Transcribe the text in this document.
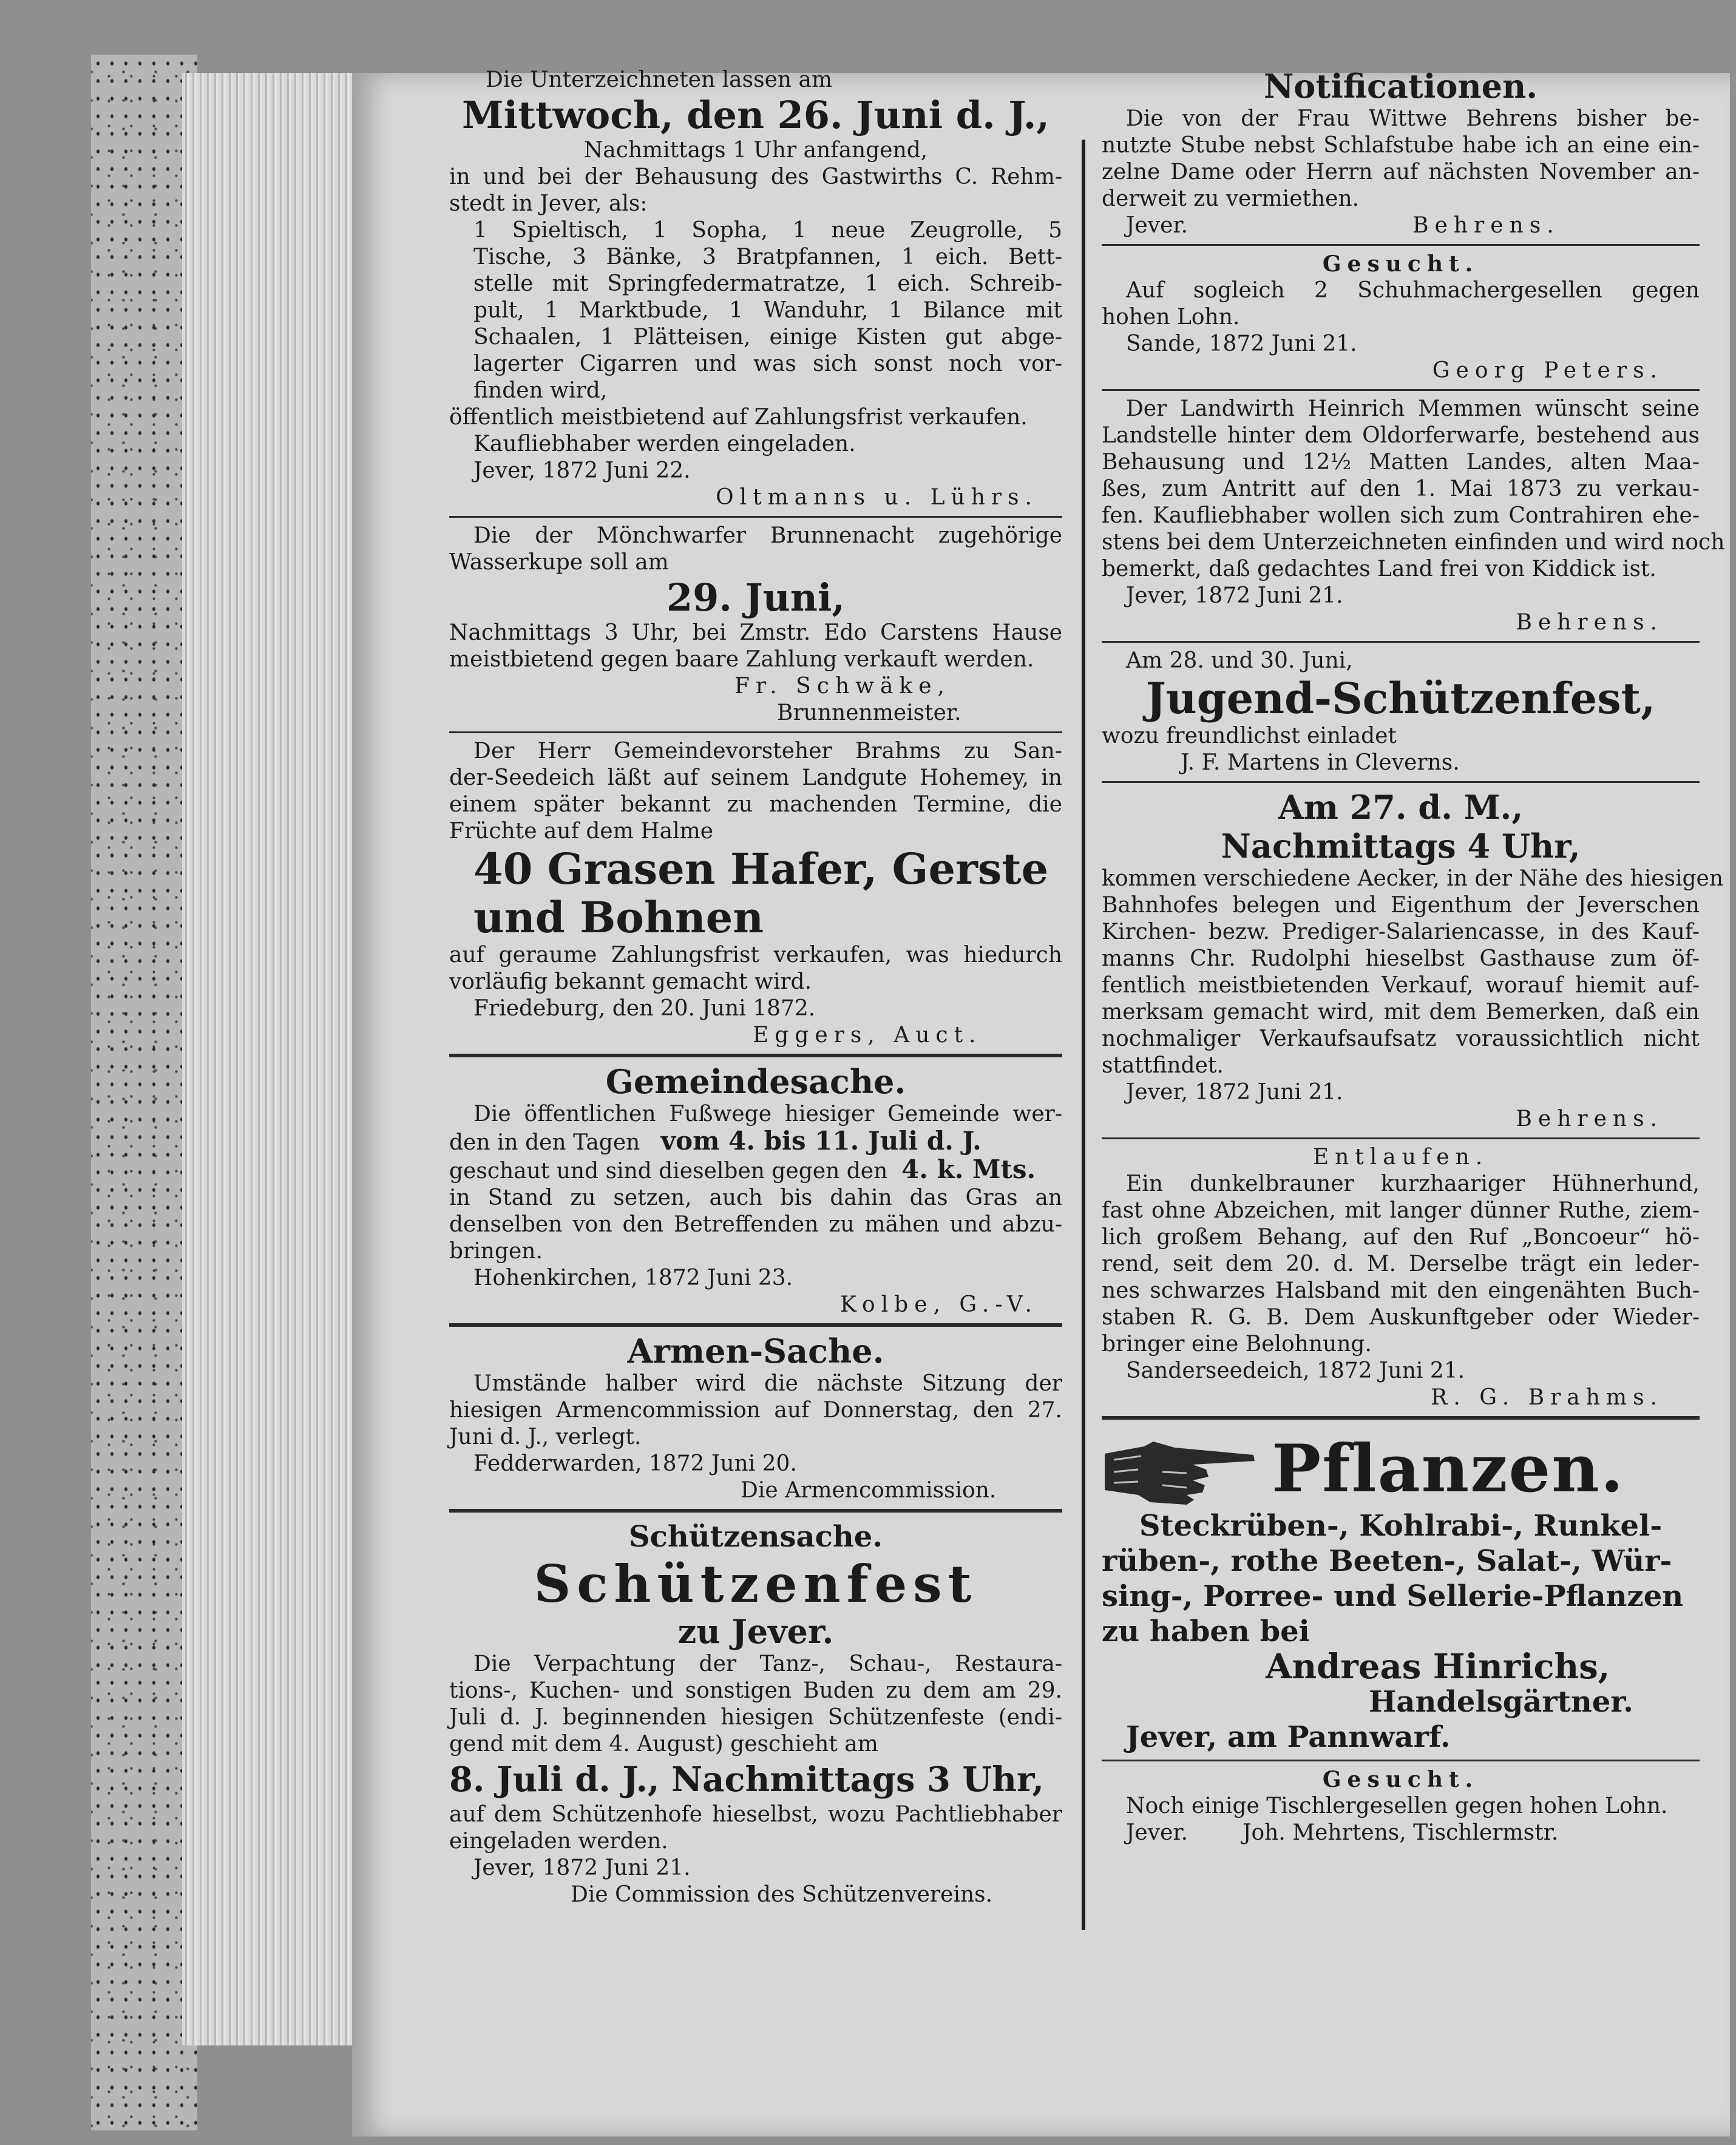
Die Unterzeichneten lassen am
Mittwoch, den 26. Juni d. J.,
Nachmittags 1 Uhr anfangend,
in und bei der Behausung des Gastwirths C. Rehm-
stedt in Jever, als:
1 Spieltisch, 1 Sopha, 1 neue Zeugrolle, 5
Tische, 3 Bänke, 3 Bratpfannen, 1 eich. Bett-
stelle mit Springfedermatratze, 1 eich. Schreib-
pult, 1 Marktbude, 1 Wanduhr, 1 Bilance mit
Schaalen, 1 Plätteisen, einige Kisten gut abge-
lagerter Cigarren und was sich sonst noch vor-
finden wird,
öffentlich meistbietend auf Zahlungsfrist verkaufen.
Kaufliebhaber werden eingeladen.
Jever, 1872 Juni 22.
Oltmanns u. Lührs.
Die der Mönchwarfer Brunnenacht zugehörige
Wasserkupe soll am
29. Juni,
Nachmittags 3 Uhr, bei Zmstr. Edo Carstens Hause
meistbietend gegen baare Zahlung verkauft werden.
Fr. Schwäke,
Brunnenmeister.
Der Herr Gemeindevorsteher Brahms zu San-
der-Seedeich läßt auf seinem Landgute Hohemey, in
einem später bekannt zu machenden Termine, die
Früchte auf dem Halme
40 Grasen Hafer, Gerste
und Bohnen
auf geraume Zahlungsfrist verkaufen, was hiedurch
vorläufig bekannt gemacht wird.
Friedeburg, den 20. Juni 1872.
Eggers, Auct.
Gemeindesache.
Die öffentlichen Fußwege hiesiger Gemeinde wer-
den in den Tagen vom 4. bis 11. Juli d. J.
geschaut und sind dieselben gegen den 4. k. Mts.
in Stand zu setzen, auch bis dahin das Gras an
denselben von den Betreffenden zu mähen und abzu-
bringen.
Hohenkirchen, 1872 Juni 23.
Kolbe, G.-V.
Armen-Sache.
Umstände halber wird die nächste Sitzung der
hiesigen Armencommission auf Donnerstag, den 27.
Juni d. J., verlegt.
Fedderwarden, 1872 Juni 20.
Die Armencommission.
Schützensache.
Schützenfest
zu Jever.
Die Verpachtung der Tanz-, Schau-, Restaura-
tions-, Kuchen- und sonstigen Buden zu dem am 29.
Juli d. J. beginnenden hiesigen Schützenfeste (endi-
gend mit dem 4. August) geschieht am
8. Juli d. J., Nachmittags 3 Uhr,
auf dem Schützenhofe hieselbst, wozu Pachtliebhaber
eingeladen werden.
Jever, 1872 Juni 21.
Die Commission des Schützenvereins.
Notificationen.
Die von der Frau Wittwe Behrens bisher be-
nutzte Stube nebst Schlafstube habe ich an eine ein-
zelne Dame oder Herrn auf nächsten November an-
derweit zu vermiethen.
Jever.	Behrens.
Gesucht.
Auf sogleich 2 Schuhmachergesellen gegen
hohen Lohn.
Sande, 1872 Juni 21.
Georg Peters.
Der Landwirth Heinrich Memmen wünscht seine
Landstelle hinter dem Oldorferwarfe, bestehend aus
Behausung und 12½ Matten Landes, alten Maa-
ßes, zum Antritt auf den 1. Mai 1873 zu verkau-
fen. Kaufliebhaber wollen sich zum Contrahiren ehe-
stens bei dem Unterzeichneten einfinden und wird noch
bemerkt, daß gedachtes Land frei von Kiddick ist.
Jever, 1872 Juni 21.
Behrens.
Am 28. und 30. Juni,
Jugend-Schützenfest,
wozu freundlichst einladet
J. F. Martens in Cleverns.
Am 27. d. M.,
Nachmittags 4 Uhr,
kommen verschiedene Aecker, in der Nähe des hiesigen
Bahnhofes belegen und Eigenthum der Jeverschen
Kirchen- bezw. Prediger-Salariencasse, in des Kauf-
manns Chr. Rudolphi hieselbst Gasthause zum öf-
fentlich meistbietenden Verkauf, worauf hiemit auf-
merksam gemacht wird, mit dem Bemerken, daß ein
nochmaliger Verkaufsaufsatz voraussichtlich nicht
stattfindet.
Jever, 1872 Juni 21.
Behrens.
Entlaufen.
Ein dunkelbrauner kurzhaariger Hühnerhund,
fast ohne Abzeichen, mit langer dünner Ruthe, ziem-
lich großem Behang, auf den Ruf „Boncoeur“ hö-
rend, seit dem 20. d. M. Derselbe trägt ein leder-
nes schwarzes Halsband mit den eingenähten Buch-
staben R. G. B. Dem Auskunftgeber oder Wieder-
bringer eine Belohnung.
Sanderseedeich, 1872 Juni 21.
R. G. Brahms.
Pflanzen.
Steckrüben-, Kohlrabi-, Runkel-
rüben-, rothe Beeten-, Salat-, Wür-
sing-, Porree- und Sellerie-Pflanzen
zu haben bei
Andreas Hinrichs,
Handelsgärtner.
Jever, am Pannwarf.
Gesucht.
Noch einige Tischlergesellen gegen hohen Lohn.
Jever.	Joh. Mehrtens, Tischlermstr.
